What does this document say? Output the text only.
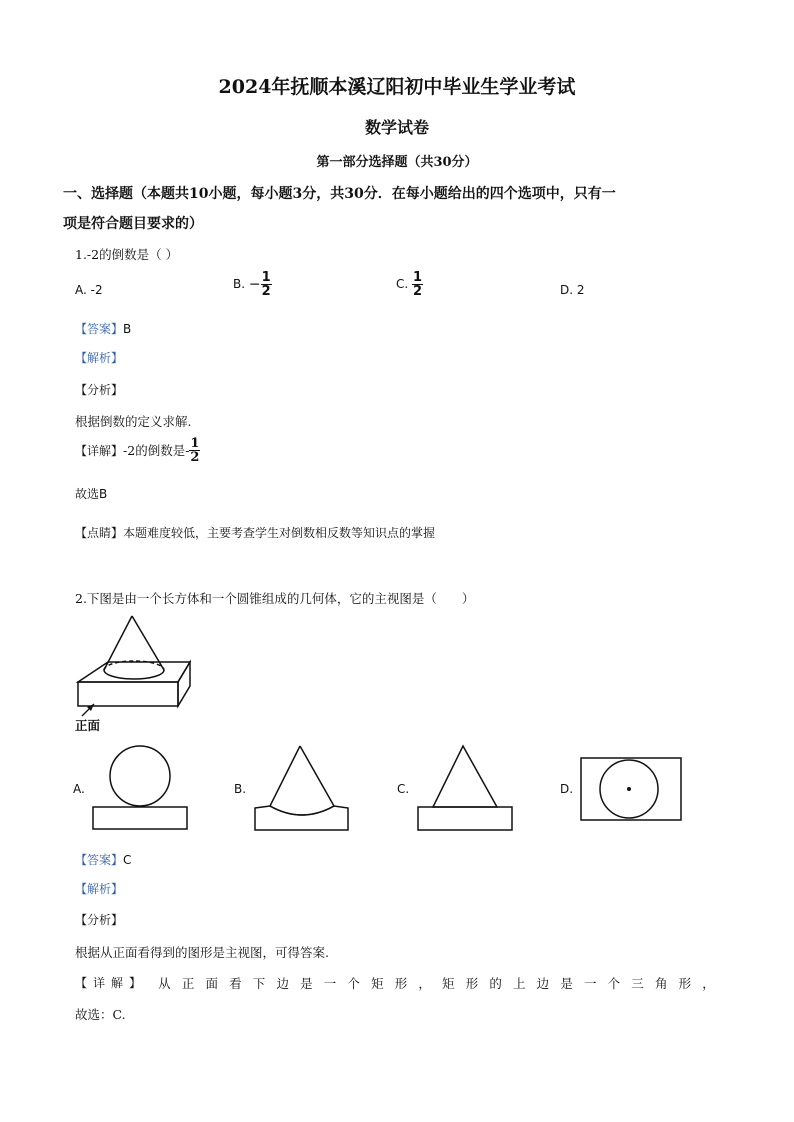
2024年抚顺本溪辽阳初中毕业生学业考试
数学试卷
第一部分选择题（共30分）
一、选择题（本题共10小题，每小题3分，共30分．在每小题给出的四个选项中，只有一
项是符合题目要求的）
1.-2的倒数是（ ）
A. -2	B. − $\frac{1}{2}$	C. $\frac{1}{2}$	D. 2
【答案】B
【解析】
【分析】
根据倒数的定义求解.
【详解】-2的倒数是- $\frac{1}{2}$
故选B
【点睛】本题难度较低，主要考查学生对倒数相反数等知识点的掌握
2.下图是由一个长方体和一个圆锥组成的几何体，它的主视图是（　　）
正面
A.	B.	C.	D.
【答案】C
【解析】
【分析】
根据从正面看得到的图形是主视图，可得答案.
【详解】 从 正 面 看 下 边 是 一 个 矩 形 ， 矩 形 的 上 边 是 一 个 三 角 形 ，
故选：C.
